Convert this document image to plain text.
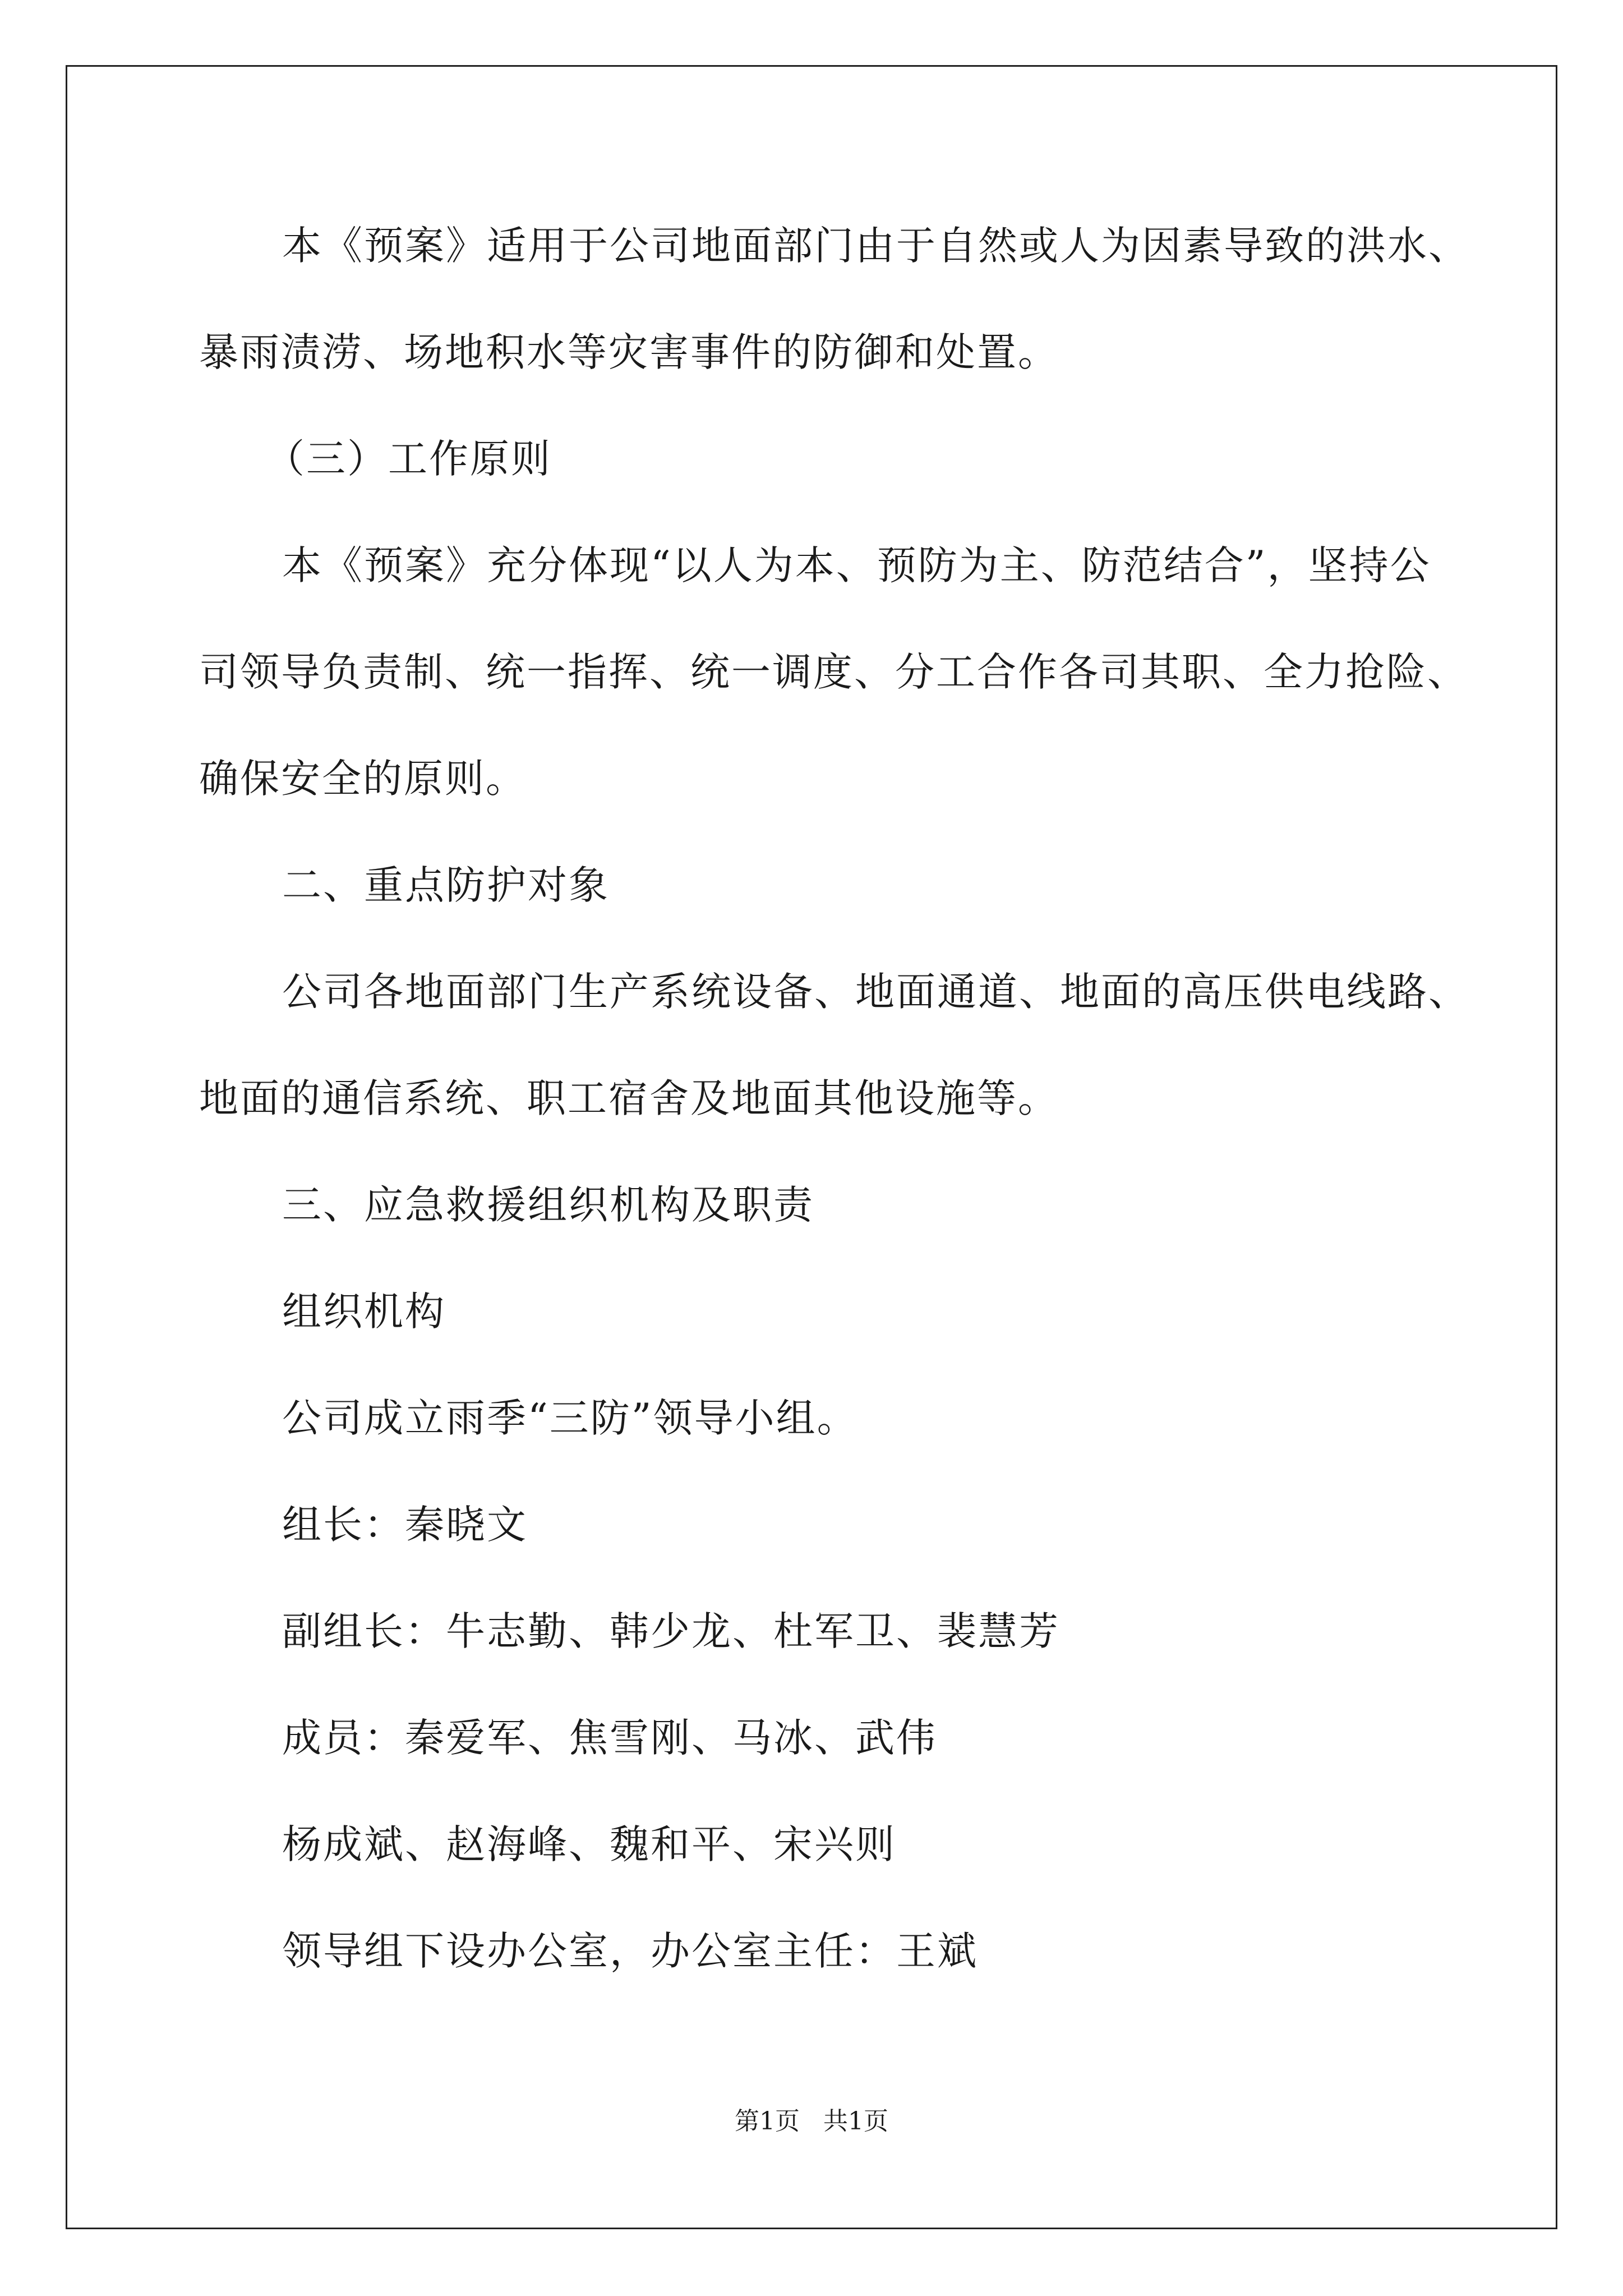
本《预案》适用于公司地面部门由于自然或人为因素导致的洪水、
暴雨渍涝、场地积水等灾害事件的防御和处置。
（三）工作原则
本《预案》充分体现“以人为本、预防为主、防范结合”，坚持公
司领导负责制、统一指挥、统一调度、分工合作各司其职、全力抢险、
确保安全的原则。
二、重点防护对象
公司各地面部门生产系统设备、地面通道、地面的高压供电线路、
地面的通信系统、职工宿舍及地面其他设施等。
三、应急救援组织机构及职责
组织机构
公司成立雨季“三防”领导小组。
组长：秦晓文
副组长：牛志勤、韩少龙、杜军卫、裴慧芳
成员：秦爱军、焦雪刚、马冰、武伟
杨成斌、赵海峰、魏和平、宋兴则
领导组下设办公室，办公室主任：王斌
第1页   共1页
